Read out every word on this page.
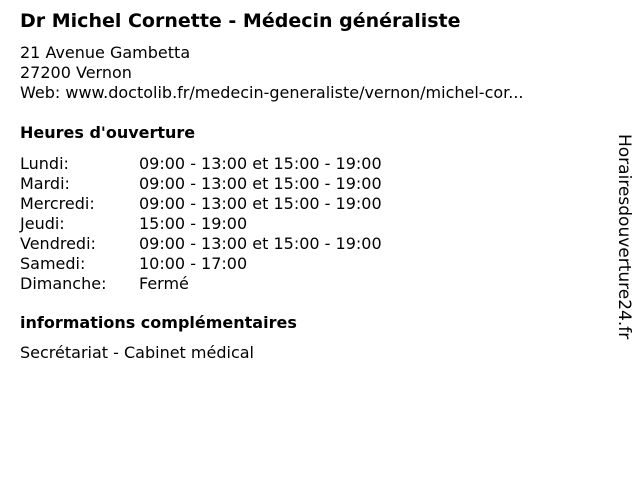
Dr Michel Cornette - Médecin généraliste
21 Avenue Gambetta
27200 Vernon
Web: www.doctolib.fr/medecin-generaliste/vernon/michel-cor...
Heures d'ouverture
Lundi:	09:00 - 13:00 et 15:00 - 19:00
Mardi:	09:00 - 13:00 et 15:00 - 19:00
Mercredi:	09:00 - 13:00 et 15:00 - 19:00
Jeudi:	15:00 - 19:00
Vendredi:	09:00 - 13:00 et 15:00 - 19:00
Samedi:	10:00 - 17:00
Dimanche:	Fermé
informations complémentaires
Secrétariat - Cabinet médical
Horairesdouverture24.fr
